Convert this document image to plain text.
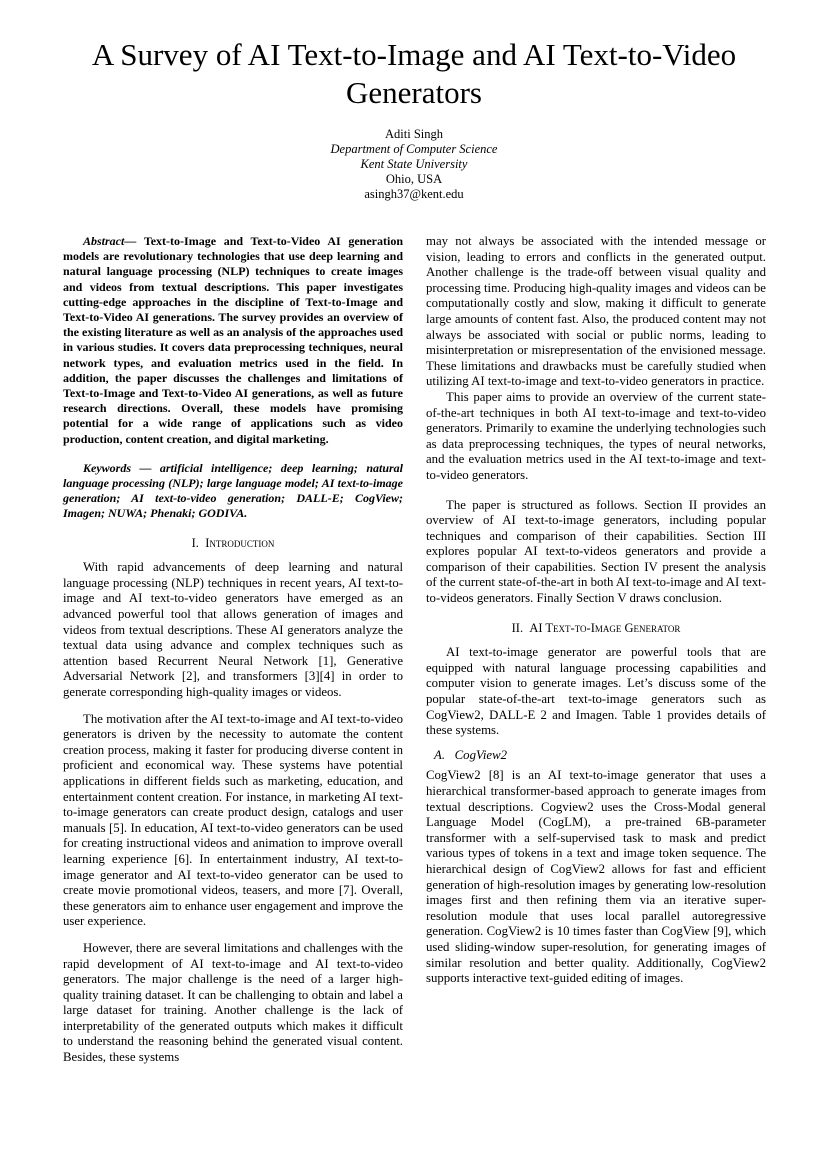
A Survey of AI Text-to-Image and AI Text-to-Video Generators
Aditi Singh
Department of Computer Science
Kent State University
Ohio, USA
asingh37@kent.edu

Abstract— Text-to-Image and Text-to-Video AI generation models are revolutionary technologies that use deep learning and natural language processing (NLP) techniques to create images and videos from textual descriptions. This paper investigates cutting-edge approaches in the discipline of Text-to-Image and Text-to-Video AI generations. The survey provides an overview of the existing literature as well as an analysis of the approaches used in various studies. It covers data preprocessing techniques, neural network types, and evaluation metrics used in the field. In addition, the paper discusses the challenges and limitations of Text-to-Image and Text-to-Video AI generations, as well as future research directions. Overall, these models have promising potential for a wide range of applications such as video production, content creation, and digital marketing.

Keywords — artificial intelligence; deep learning; natural language processing (NLP); large language model; AI text-to-image generation; AI text-to-video generation; DALL-E; CogView; Imagen; NUWA; Phenaki; GODIVA.

I. Introduction

With rapid advancements of deep learning and natural language processing (NLP) techniques in recent years, AI text-to-image and AI text-to-video generators have emerged as an advanced powerful tool that allows generation of images and videos from textual descriptions. These AI generators analyze the textual data using advance and complex techniques such as attention based Recurrent Neural Network [1], Generative Adversarial Network [2], and transformers [3][4] in order to generate corresponding high-quality images or videos.

The motivation after the AI text-to-image and AI text-to-video generators is driven by the necessity to automate the content creation process, making it faster for producing diverse content in proficient and economical way. These systems have potential applications in different fields such as marketing, education, and entertainment content creation. For instance, in marketing AI text-to-image generators can create product design, catalogs and user manuals [5]. In education, AI text-to-video generators can be used for creating instructional videos and animation to improve overall learning experience [6]. In entertainment industry, AI text-to-image generator and AI text-to-video generator can be used to create movie promotional videos, teasers, and more [7]. Overall, these generators aim to enhance user engagement and improve the user experience.

However, there are several limitations and challenges with the rapid development of AI text-to-image and AI text-to-video generators. The major challenge is the need of a larger high-quality training dataset. It can be challenging to obtain and label a large dataset for training. Another challenge is the lack of interpretability of the generated outputs which makes it difficult to understand the reasoning behind the generated visual content. Besides, these systems

may not always be associated with the intended message or vision, leading to errors and conflicts in the generated output. Another challenge is the trade-off between visual quality and processing time. Producing high-quality images and videos can be computationally costly and slow, making it difficult to generate large amounts of content fast. Also, the produced content may not always be associated with social or public norms, leading to misinterpretation or misrepresentation of the envisioned message. These limitations and drawbacks must be carefully studied when utilizing AI text-to-image and text-to-video generators in practice.

This paper aims to provide an overview of the current state-of-the-art techniques in both AI text-to-image and text-to-video generators. Primarily to examine the underlying technologies such as data preprocessing techniques, the types of neural networks, and the evaluation metrics used in the AI text-to-image and text-to-video generators.

The paper is structured as follows. Section II provides an overview of AI text-to-image generators, including popular techniques and comparison of their capabilities. Section III explores popular AI text-to-videos generators and provide a comparison of their capabilities. Section IV present the analysis of the current state-of-the-art in both AI text-to-image and AI text-to-videos generators. Finally Section V draws conclusion.

II. AI Text-to-Image Generator

AI text-to-image generator are powerful tools that are equipped with natural language processing capabilities and computer vision to generate images. Let’s discuss some of the popular state-of-the-art text-to-image generators such as CogView2, DALL-E 2 and Imagen. Table 1 provides details of these systems.

A. CogView2

CogView2 [8] is an AI text-to-image generator that uses a hierarchical transformer-based approach to generate images from textual descriptions. Cogview2 uses the Cross-Modal general Language Model (CogLM), a pre-trained 6B-parameter transformer with a self-supervised task to mask and predict various types of tokens in a text and image token sequence. The hierarchical design of CogView2 allows for fast and efficient generation of high-resolution images by generating low-resolution images first and then refining them via an iterative super-resolution module that uses local parallel autoregressive generation. CogView2 is 10 times faster than CogView [9], which used sliding-window super-resolution, for generating images of similar resolution and better quality. Additionally, CogView2 supports interactive text-guided editing of images.
